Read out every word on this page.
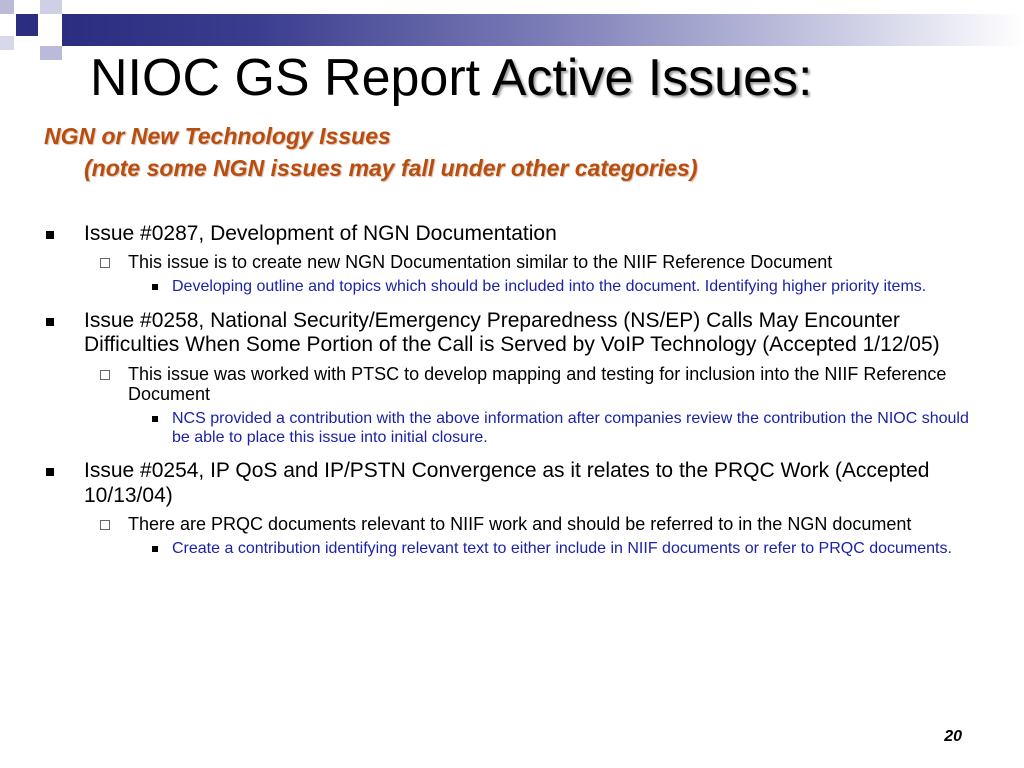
NIOC GS Report Active Issues:
NGN or New Technology Issues
(note some NGN issues may fall under other categories)
Issue #0287, Development of NGN Documentation
This issue is to create new NGN Documentation similar to the NIIF Reference Document
Developing outline and topics which should be included into the document. Identifying higher priority items.
Issue #0258, National Security/Emergency Preparedness (NS/EP) Calls May Encounter Difficulties When Some Portion of the Call is Served by VoIP Technology (Accepted 1/12/05)
This issue was worked with PTSC to develop mapping and testing for inclusion into the NIIF Reference Document
NCS provided a contribution with the above information after companies review the contribution the NIOC should be able to place this issue into initial closure.
Issue #0254, IP QoS and IP/PSTN Convergence as it relates to the PRQC Work (Accepted 10/13/04)
There are PRQC documents relevant to NIIF work and should be referred to in the NGN document
Create a contribution identifying relevant text to either include in NIIF documents or refer to PRQC documents.
20
